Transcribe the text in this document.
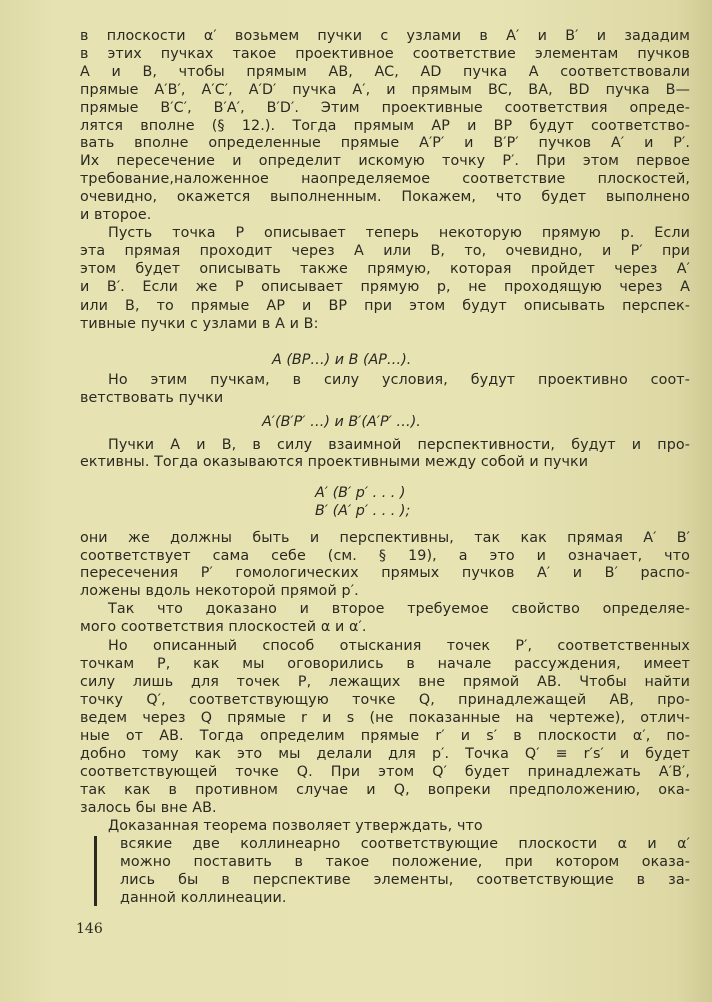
146
в плоскости α′ возьмем пучки с узлами в A′ и B′ и зададим
в этих пучках такое проективное соответствие элементам пучков
A и B, чтобы прямым AB, AC, AD пучка A соответствовали
прямые A′B′, A′C′, A′D′ пучка A′, и прямым BC, BA, BD пучка B—
прямые B′C′, B′A′, B′D′. Этим проективные соответствия опреде-
лятся вполне (§ 12.). Тогда прямым AP и BP будут соответство-
вать вполне определенные прямые A′P′ и B′P′ пучков A′ и P′.
Их пересечение и определит искомую точку P′. При этом первое
требование,наложенное наопределяемое соответствие плоскостей,
очевидно, окажется выполненным. Покажем, что будет выполнено
и второе.
Пусть точка P описывает теперь некоторую прямую p. Если
эта прямая проходит через A или B, то, очевидно, и P′ при
этом будет описывать также прямую, которая пройдет через A′
и B′. Если же P описывает прямую p, не проходящую через A
или B, то прямые AP и BP при этом будут описывать перспек-
тивные пучки с узлами в A и B:
A (BP…) и B (AP…).
Но этим пучкам, в силу условия, будут проективно соот-
ветствовать пучки
A′(B′P′ …) и B′(A′P′ …).
Пучки A и B, в силу взаимной перспективности, будут и про-
ективны. Тогда оказываются проективными между собой и пучки
A′ (B′ p′ . . . )
B′ (A′ p′ . . . );
они же должны быть и перспективны, так как прямая A′ B′
соответствует сама себе (см. § 19), а это и означает, что
пересечения P′ гомологических прямых пучков A′ и B′ распо-
ложены вдоль некоторой прямой p′.
Так что доказано и второе требуемое свойство определяе-
мого соответствия плоскостей α и α′.
Но описанный способ отыскания точек P′, соответственных
точкам P, как мы оговорились в начале рассуждения, имеет
силу лишь для точек P, лежащих вне прямой AB. Чтобы найти
точку Q′, соответствующую точке Q, принадлежащей AB, про-
ведем через Q прямые r и s (не показанные на чертеже), отлич-
ные от AB. Тогда определим прямые r′ и s′ в плоскости α′, по-
добно тому как это мы делали для p′. Точка Q′ ≡ r′s′ и будет
соответствующей точке Q. При этом Q′ будет принадлежать A′B′,
так как в противном случае и Q, вопреки предположению, ока-
залось бы вне AB.
Доказанная теорема позволяет утверждать, что
всякие две коллинеарно соответствующие плоскости α и α′
можно поставить в такое положение, при котором оказа-
лись бы в перспективе элементы, соответствующие в за-
данной коллинеации.
